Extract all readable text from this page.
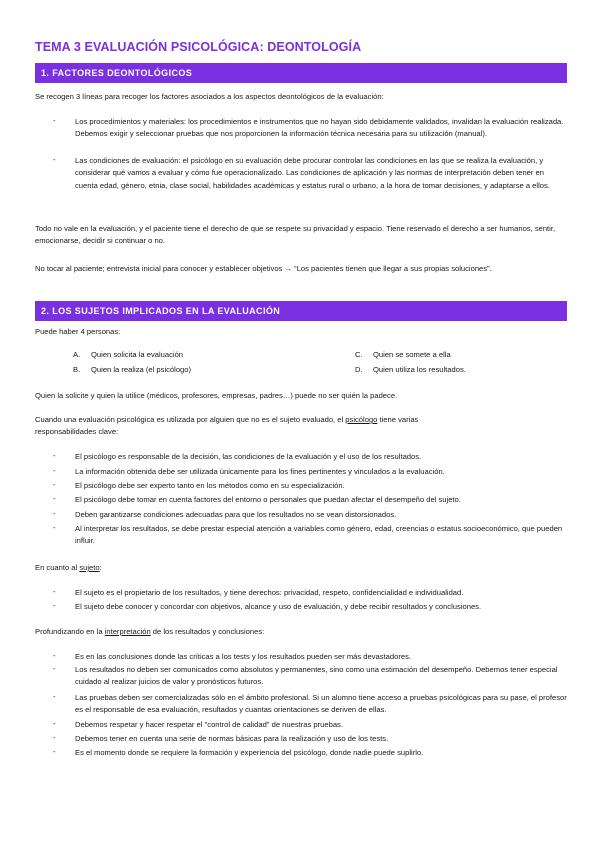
TEMA 3 EVALUACIÓN PSICOLÓGICA: DEONTOLOGÍA
1. FACTORES DEONTOLÓGICOS
Se recogen 3 líneas para recoger los factores asociados a los aspectos deontológicos de la evaluación:
-	Los procedimientos y materiales: los procedimientos e instrumentos que no hayan sido debidamente validados, invalidan la evaluación realizada. Debemos exigir y seleccionar pruebas que nos proporcionen la información técnica necesaria para su utilización (manual).
-	Las condiciones de evaluación: el psicólogo en su evaluación debe procurar controlar las condiciones en las que se realiza la evaluación, y considerar qué vamos a evaluar y cómo fue operacionalizado. Las condiciones de aplicación y las normas de interpretación deben tener en cuenta edad, género, etnia, clase social, habilidades académicas y estatus rural o urbano, a la hora de tomar decisiones, y adaptarse a ellos.
Todo no vale en la evaluación, y el paciente tiene el derecho de que se respete su privacidad y espacio. Tiene reservado el derecho a ser humanos, sentir, emocionarse, decidir si continuar o no.
No tocar al paciente; entrevista inicial para conocer y establecer objetivos → “Los pacientes tienen que llegar a sus propias soluciones”.
2. LOS SUJETOS IMPLICADOS EN LA EVALUACIÓN
Puede haber 4 personas:
A. Quien solicita la evaluación
B. Quien la realiza (el psicólogo)
C. Quien se somete a ella
D. Quien utiliza los resultados.
Quien la solicite y quien la utilice (médicos, profesores, empresas, padres…) puede no ser quién la padece.
Cuando una evaluación psicológica es utilizada por alguien que no es el sujeto evaluado, el psicólogo tiene varias
responsabilidades clave:
-	El psicólogo es responsable de la decisión, las condiciones de la evaluación y el uso de los resultados.
-	La información obtenida debe ser utilizada únicamente para los fines pertinentes y vinculados a la evaluación.
-	El psicólogo debe ser experto tanto en los métodos como en su especialización.
-	El psicólogo debe tomar en cuenta factores del entorno o personales que puedan afectar el desempeño del sujeto.
-	Deben garantizarse condiciones adecuadas para que los resultados no se vean distorsionados.
-	Al interpretar los resultados, se debe prestar especial atención a variables como género, edad, creencias o estatus socioeconómico, que pueden influir.
En cuanto al sujeto:
-	El sujeto es el propietario de los resultados, y tiene derechos: privacidad, respeto, confidencialidad e individualidad.
-	El sujeto debe conocer y concordar con objetivos, alcance y uso de evaluación, y debe recibir resultados y conclusiones.
Profundizando en la interpretación de los resultados y conclusiones:
-	Es en las conclusiones donde las críticas a los tests y los resultados pueden ser más devastadores.
-	Los resultados no deben ser comunicados como absolutos y permanentes, sino como una estimación del desempeño. Debemos tener especial cuidado al realizar juicios de valor y pronósticos futuros.
-	Las pruebas deben ser comercializadas sólo en el ámbito profesional. Si un alumno tiene acceso a pruebas psicológicas para su pase, el profesor es el responsable de esa evaluación, resultados y cuantas orientaciones se deriven de ellas.
-	Debemos respetar y hacer respetar el "control de calidad" de nuestras pruebas.
-	Debemos tener en cuenta una serie de normas básicas para la realización y uso de los tests.
-	Es el momento donde se requiere la formación y experiencia del psicólogo, donde nadie puede suplirlo.
